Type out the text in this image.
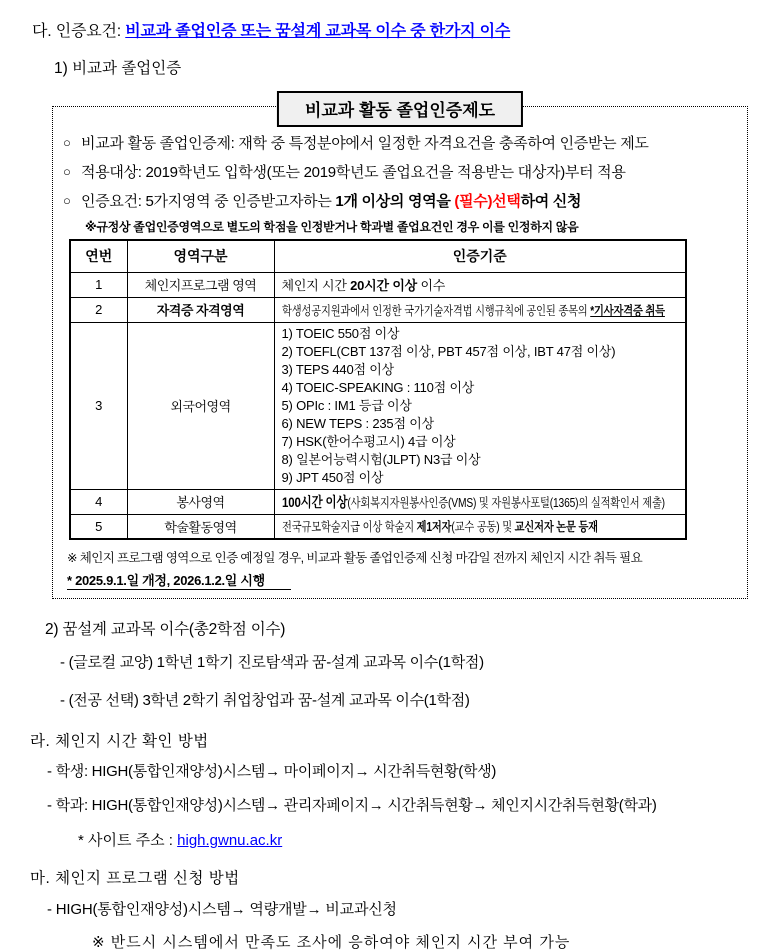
다. 인증요건: 비교과 졸업인증 또는 꿈설계 교과목 이수 중 한가지 이수
1) 비교과 졸업인증
비교과 활동 졸업인증제도
○ 비교과 활동 졸업인증제: 재학 중 특정분야에서 일정한 자격요건을 충족하여 인증받는 제도
○ 적용대상: 2019학년도 입학생(또는 2019학년도 졸업요건을 적용받는 대상자)부터 적용
○ 인증요건: 5가지영역 중 인증받고자하는 1개 이상의 영역을 (필수)선택하여 신청
※규정상 졸업인증영역으로 별도의 학점을 인정받거나 학과별 졸업요건인 경우 이를 인정하지 않음
연번	영역구분	인증기준
1	체인지프로그램 영역	체인지 시간 20시간 이상 이수
2	자격증 자격영역	학생성공지원과에서 인정한 국가기술자격법 시행규칙에 공인된 종목의 *기사자격증 취득
3	외국어영역	
1) TOEIC 550점 이상
2) TOEFL(CBT 137점 이상, PBT 457점 이상, IBT 47점 이상)
3) TEPS 440점 이상
4) TOEIC-SPEAKING : 110점 이상
5) OPIc : IM1 등급 이상
6) NEW TEPS : 235점 이상
7) HSK(한어수평고시) 4급 이상
8) 일본어능력시험(JLPT) N3급 이상
9) JPT 450점 이상

4	봉사영역	100시간 이상(사회복지자원봉사인증(VMS) 및 자원봉사포털(1365)의 실적확인서 제출)
5	학술활동영역	전국규모학술지급 이상 학술지 제1저자(교수 공동) 및 교신저자 논문 등재
※ 체인지 프로그램 영역으로 인증 예정일 경우, 비교과 활동 졸업인증제 신청 마감일 전까지 체인지 시간 취득 필요
* 2025.9.1.일 개정, 2026.1.2.일 시행
2) 꿈설계 교과목 이수(총2학점 이수)
- (글로컬 교양) 1학년 1학기 진로탐색과 꿈-설계 교과목 이수(1학점)
- (전공 선택) 3학년 2학기 취업창업과 꿈-설계 교과목 이수(1학점)
라. 체인지 시간 확인 방법
- 학생: HIGH(통합인재양성)시스템→ 마이페이지→ 시간취득현황(학생)
- 학과: HIGH(통합인재양성)시스템→ 관리자페이지→ 시간취득현황→ 체인지시간취득현황(학과)
* 사이트 주소 : high.gwnu.ac.kr
마. 체인지 프로그램 신청 방법
- HIGH(통합인재양성)시스템→ 역량개발→ 비교과신청
※ 반드시 시스템에서 만족도 조사에 응하여야 체인지 시간 부여 가능
